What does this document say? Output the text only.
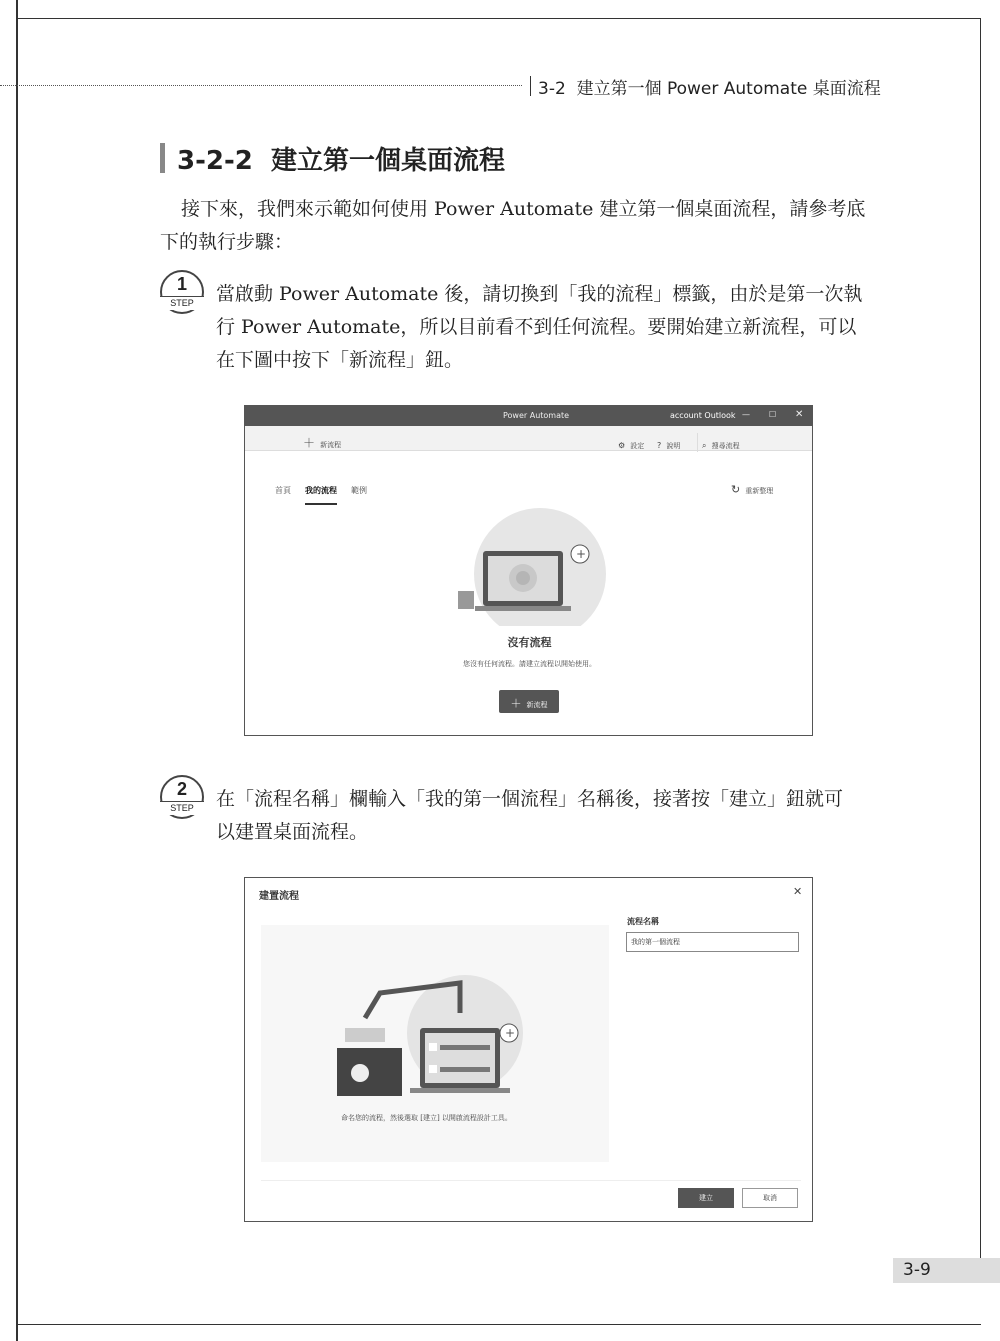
3-2  建立第一個 Power Automate 桌面流程
3-2-2  建立第一個桌面流程
接下來，我們來示範如何使用 Power Automate 建立第一個桌面流程，請參考底
下的執行步驟：
1
STEP	當啟動 Power Automate 後，請切換到「我的流程」標籤，由於是第一次執
行 Power Automate，所以目前看不到任何流程。要開始建立新流程，可以
在下圖中按下「新流程」鈕。
Power Automate	account Outlook — ☐ ✕
＋ 新流程	⚙ 設定 ? 說明	⌕ 搜尋流程
首頁 我的流程 範例	↻ 重新整理
+
沒有流程
您沒有任何流程。請建立流程以開始使用。
＋ 新流程
2
STEP	在「流程名稱」欄輸入「我的第一個流程」名稱後，接著按「建立」鈕就可
以建置桌面流程。
建置流程	✕
+
命名您的流程，然後選取 [建立] 以開啟流程設計工具。
流程名稱
我的第一個流程
建立	取消
3-9
